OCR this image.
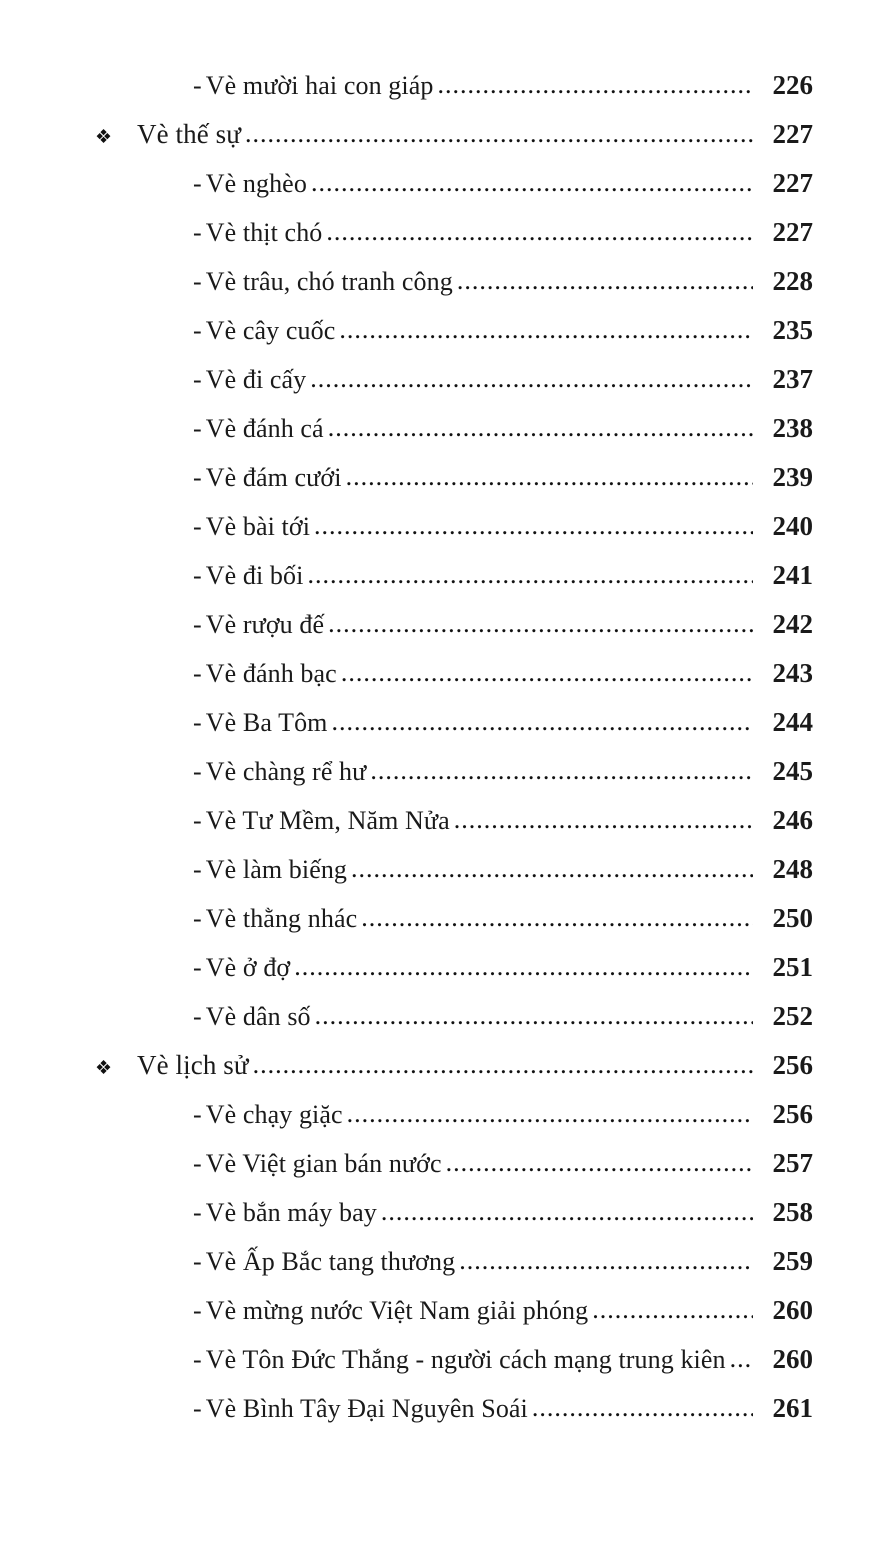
- Vè mười hai con giáp .....	226
❖ Vè thế sự .....	227
- Vè nghèo .....	227
- Vè thịt chó .....	227
- Vè trâu, chó tranh công .....	228
- Vè cây cuốc .....	235
- Vè đi cấy .....	237
- Vè đánh cá .....	238
- Vè đám cưới .....	239
- Vè bài tới .....	240
- Vè đi bối .....	241
- Vè rượu đế .....	242
- Vè đánh bạc .....	243
- Vè Ba Tôm .....	244
- Vè chàng rể hư .....	245
- Vè Tư Mềm, Năm Nửa .....	246
- Vè làm biếng .....	248
- Vè thằng nhác .....	250
- Vè ở đợ .....	251
- Vè dân số .....	252
❖ Vè lịch sử .....	256
- Vè chạy giặc .....	256
- Vè Việt gian bán nước .....	257
- Vè bắn máy bay .....	258
- Vè Ấp Bắc tang thương .....	259
- Vè mừng nước Việt Nam giải phóng .....	260
- Vè Tôn Đức Thắng - người cách mạng trung kiên .....	260
- Vè Bình Tây Đại Nguyên Soái .....	261
